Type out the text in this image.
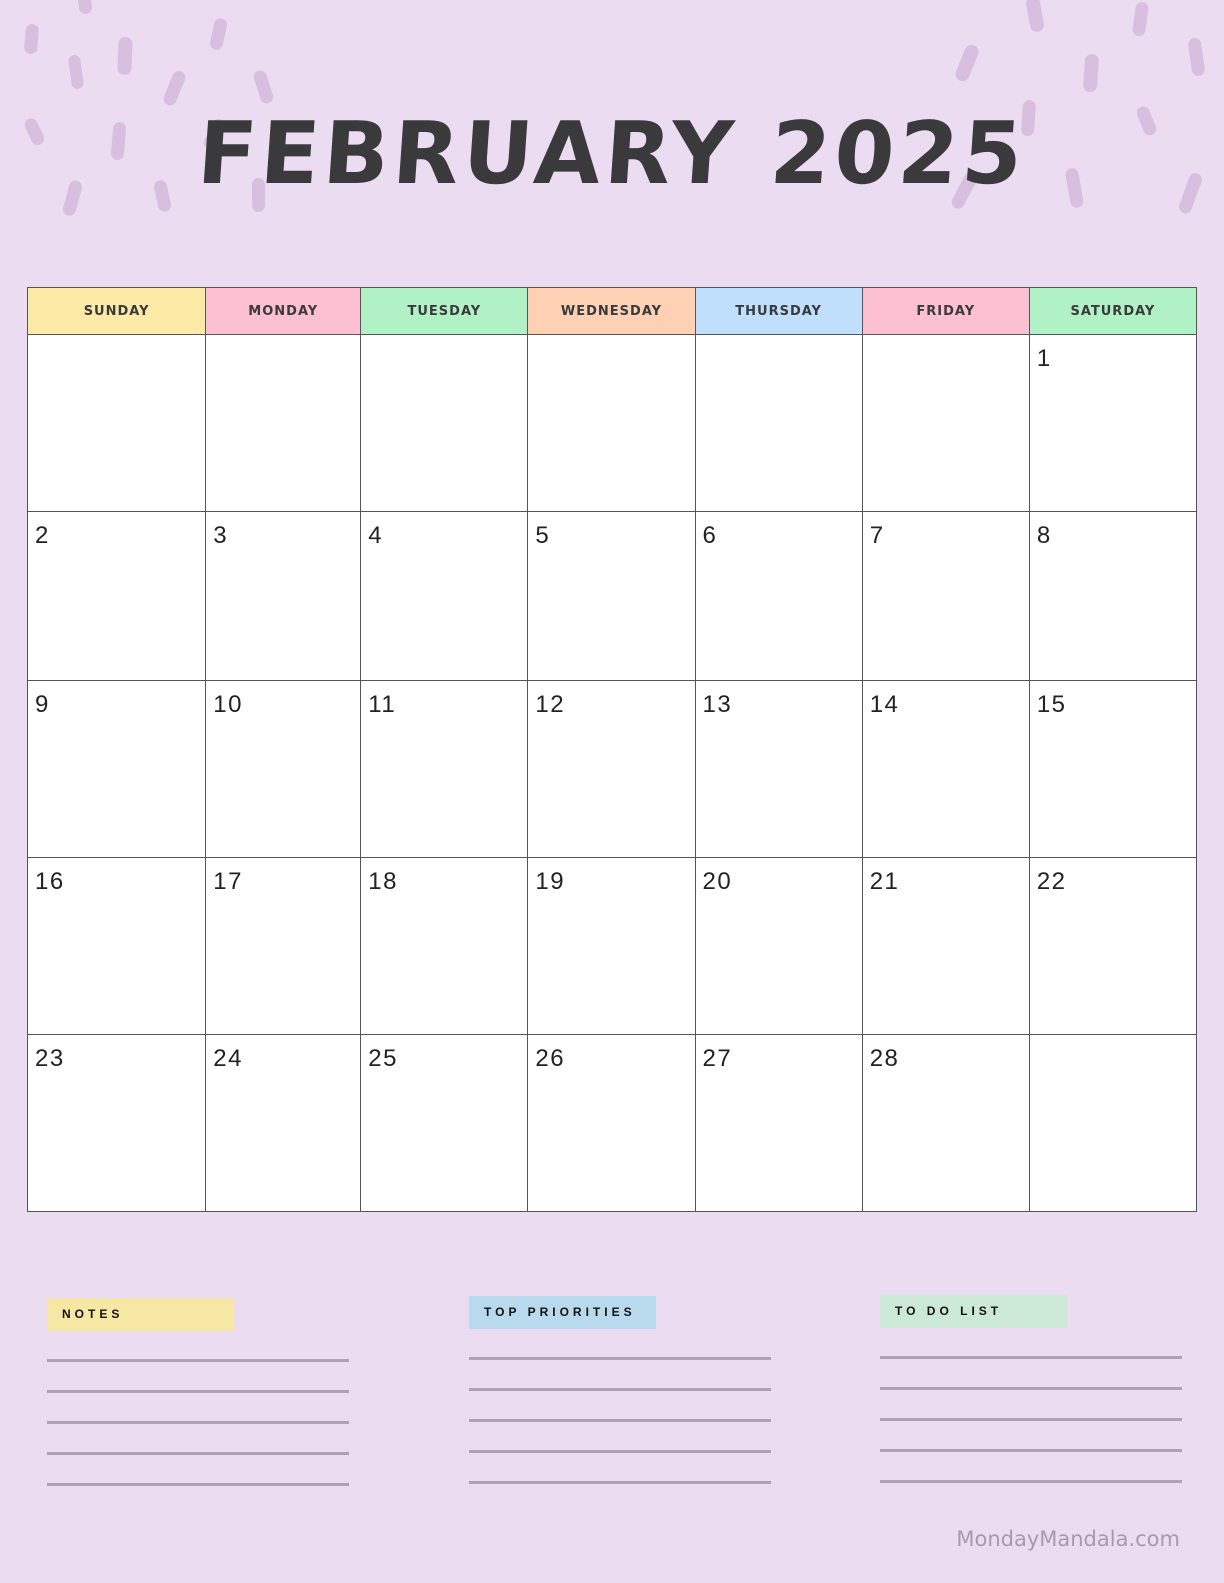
FEBRUARY 2025
SUNDAY	MONDAY	TUESDAY	WEDNESDAY	THURSDAY	FRIDAY	SATURDAY

						1

2	3	4	5	6	7	8

9	10	11	12	13	14	15

16	17	18	19	20	21	22

23	24	25	26	27	28	

NOTES	TOP PRIORITIES	TO DO LIST
MondayMandala.com
